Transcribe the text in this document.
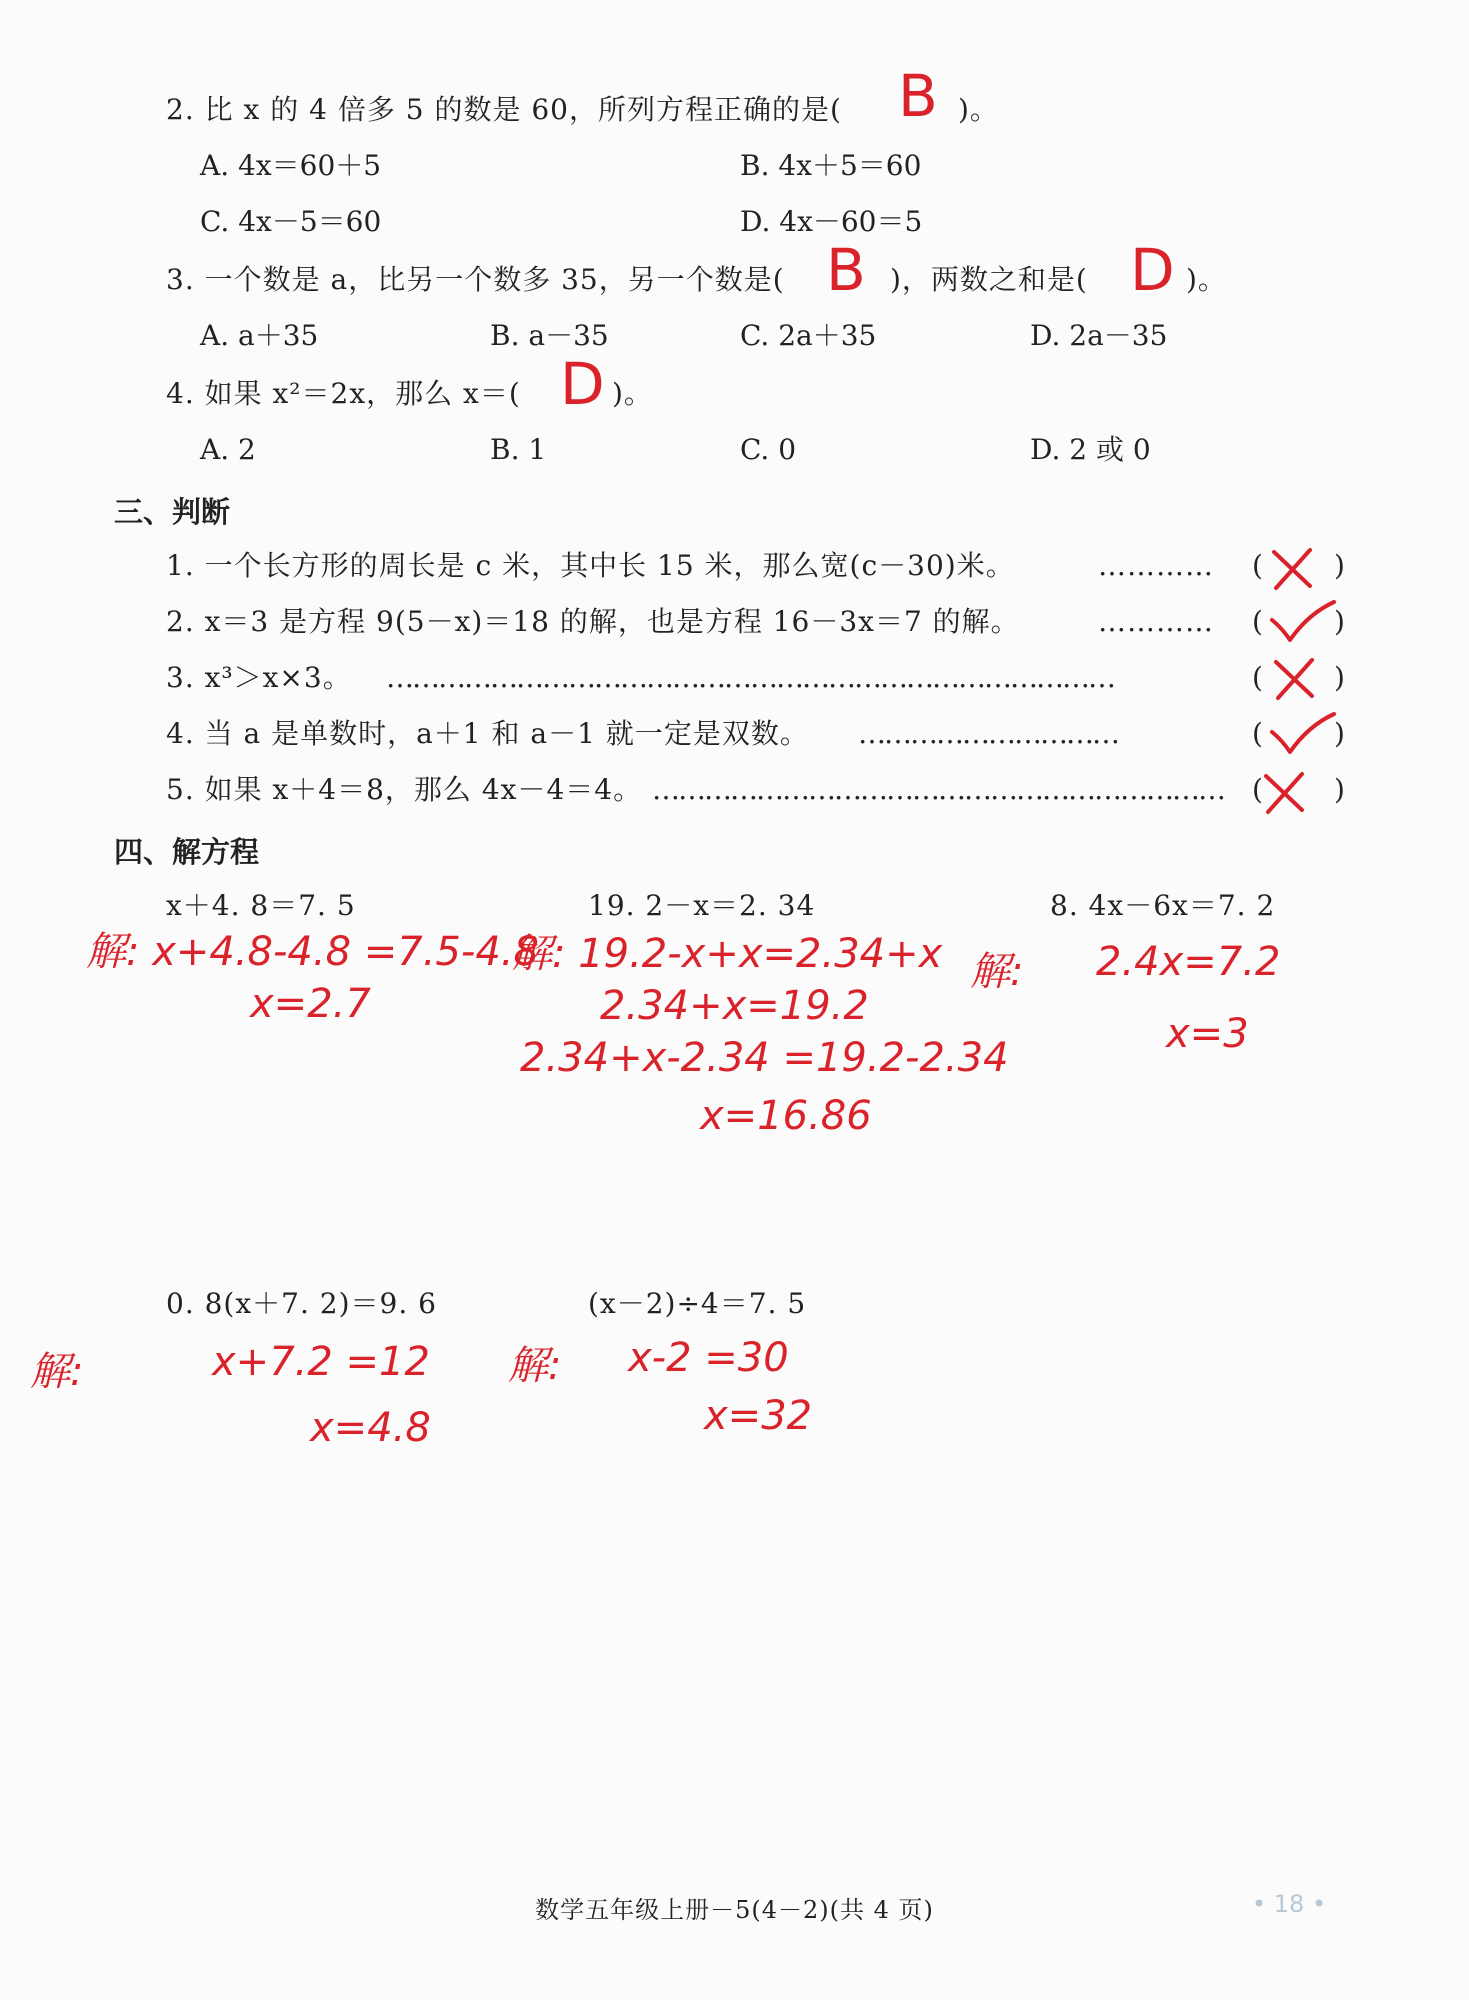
2. 比 x 的 4 倍多 5 的数是 60，所列方程正确的是( B )。
A. 4x＝60＋5	B. 4x＋5＝60
C. 4x－5＝60	D. 4x－60＝5
3. 一个数是 a，比另一个数多 35，另一个数是( B )，两数之和是( D )。
A. a＋35	B. a－35	C. 2a＋35	D. 2a－35
4. 如果 x²＝2x，那么 x＝( D )。
A. 2	B. 1	C. 0	D. 2 或 0
三、判断
1. 一个长方形的周长是 c 米，其中长 15 米，那么宽(c－30)米。	………… (	)
2. x＝3 是方程 9(5－x)＝18 的解，也是方程 16－3x＝7 的解。	………… (	)
3. x³＞x×3。 …………………………………………………………………………	(	)
4. 当 a 是单数时，a＋1 和 a－1 就一定是双数。 …………………………	(	)
5. 如果 x＋4＝8，那么 4x－4＝4。 ………………………………………………………… (	)
四、解方程
x＋4. 8＝7. 5
解: x+4.8-4.8 =7.5-4.8
x=2.7
19. 2－x＝2. 34
解: 19.2-x+x=2.34+x
2.34+x=19.2
2.34+x-2.34 =19.2-2.34
x=16.86
8. 4x－6x＝7. 2
解: 2.4x=7.2
x=3
0. 8(x＋7. 2)＝9. 6
解:	x+7.2 =12
x=4.8
(x－2)÷4＝7. 5
解: x-2 =30
x=32
数学五年级上册－5(4－2)(共 4 页)	• 18 •
